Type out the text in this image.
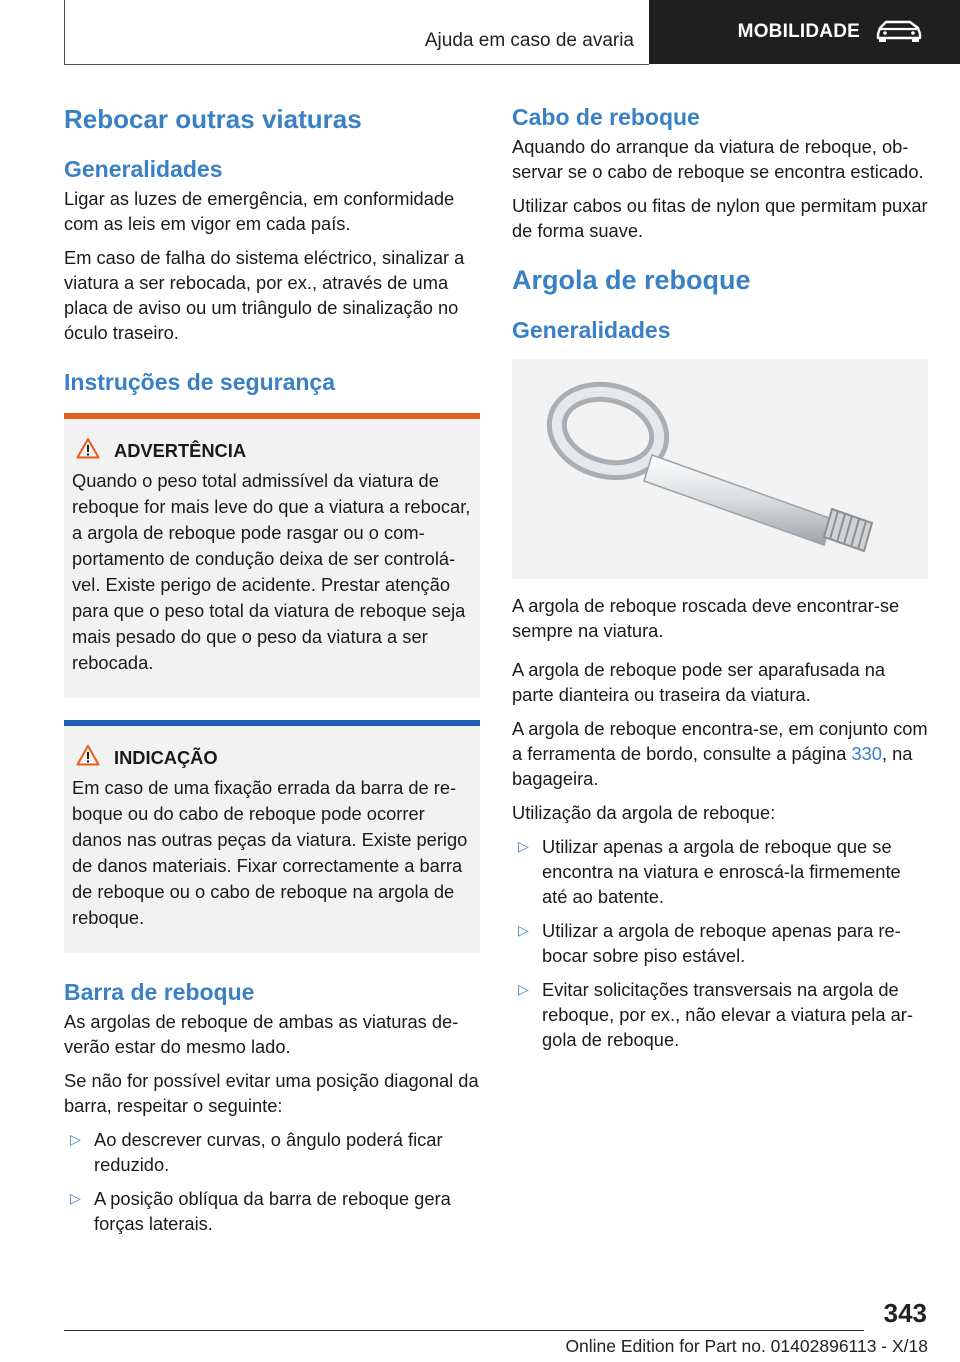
Ajuda em caso de avaria	MOBILIDADE
Rebocar outras viaturas
Generalidades

Ligar as luzes de emergência, em conformidade com as leis em vigor em cada país.

Em caso de falha do sistema eléctrico, sinalizar a viatura a ser rebocada, por ex., através de uma placa de aviso ou um triângulo de sinalização no óculo traseiro.

Instruções de segurança
ADVERTÊNCIA
Quando o peso total admissível da viatura de reboque for mais leve do que a viatura a rebocar, a argola de reboque pode rasgar ou o comportamento de condução deixa de ser controlável. Existe perigo de acidente. Prestar atenção para que o peso total da viatura de reboque seja mais pesado do que o peso da viatura a ser rebocada.
INDICAÇÃO
Em caso de uma fixação errada da barra de reboque ou do cabo de reboque pode ocorrer danos nas outras peças da viatura. Existe perigo de danos materiais. Fixar correctamente a barra de reboque ou o cabo de reboque na argola de reboque.
Barra de reboque

As argolas de reboque de ambas as viaturas deverão estar do mesmo lado.

Se não for possível evitar uma posição diagonal da barra, respeitar o seguinte:

▷ Ao descrever curvas, o ângulo poderá ficar reduzido.
▷ A posição oblíqua da barra de reboque gera forças laterais.
Cabo de reboque

Aquando do arranque da viatura de reboque, observar se o cabo de reboque se encontra esticado.

Utilizar cabos ou fitas de nylon que permitam puxar de forma suave.

Argola de reboque
Generalidades

A argola de reboque roscada deve encontrar-se sempre na viatura.

A argola de reboque pode ser aparafusada na parte dianteira ou traseira da viatura.

A argola de reboque encontra-se, em conjunto com a ferramenta de bordo, consulte a página 330, na bagageira.

Utilização da argola de reboque:

▷ Utilizar apenas a argola de reboque que se encontra na viatura e enroscá-la firmemente até ao batente.
▷ Utilizar a argola de reboque apenas para rebocar sobre piso estável.
▷ Evitar solicitações transversais na argola de reboque, por ex., não elevar a viatura pela argola de reboque.
343
Online Edition for Part no. 01402896113 - X/18
